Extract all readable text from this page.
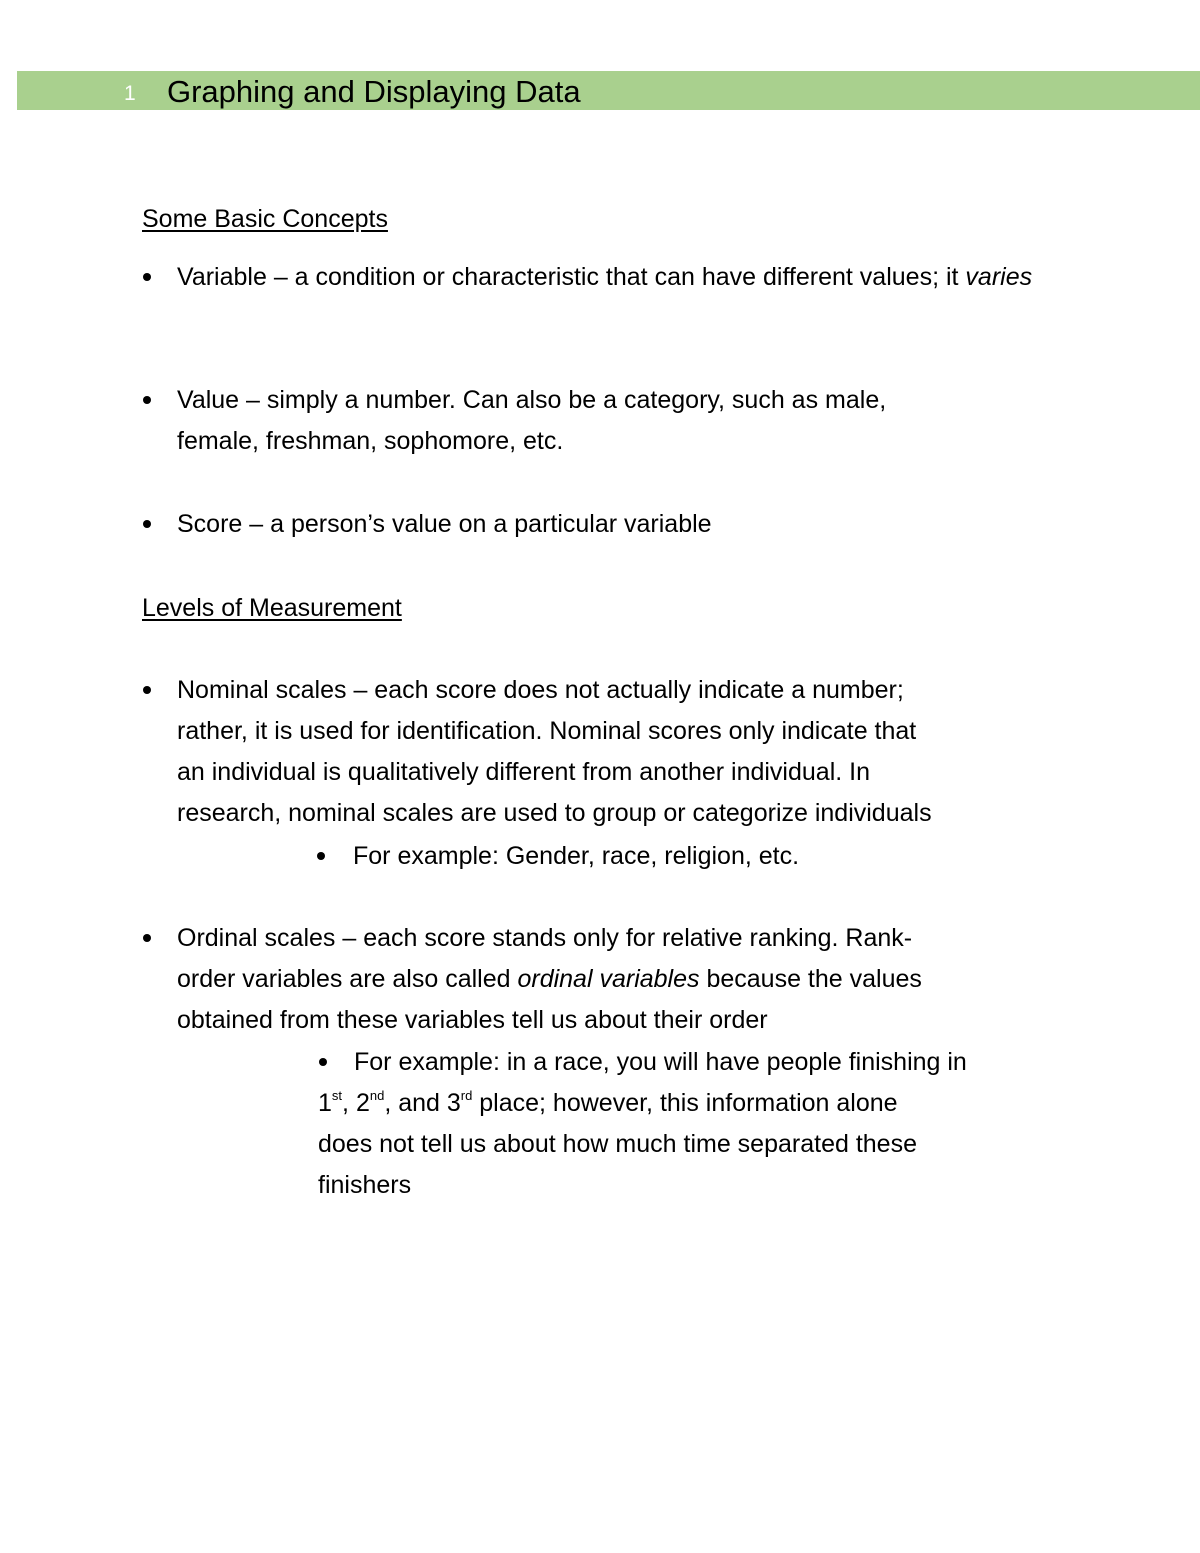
1 Graphing and Displaying Data
Some Basic Concepts
Variable – a condition or characteristic that can have different values; it varies
Value – simply a number. Can also be a category, such as male,
female, freshman, sophomore, etc.
Score – a person’s value on a particular variable
Levels of Measurement
Nominal scales – each score does not actually indicate a number;
rather, it is used for identification. Nominal scores only indicate that
an individual is qualitatively different from another individual. In
research, nominal scales are used to group or categorize individuals
For example: Gender, race, religion, etc.
Ordinal scales – each score stands only for relative ranking. Rank-
order variables are also called ordinal variables because the values
obtained from these variables tell us about their order
For example: in a race, you will have people finishing in
1st, 2nd, and 3rd place; however, this information alone
does not tell us about how much time separated these
finishers
